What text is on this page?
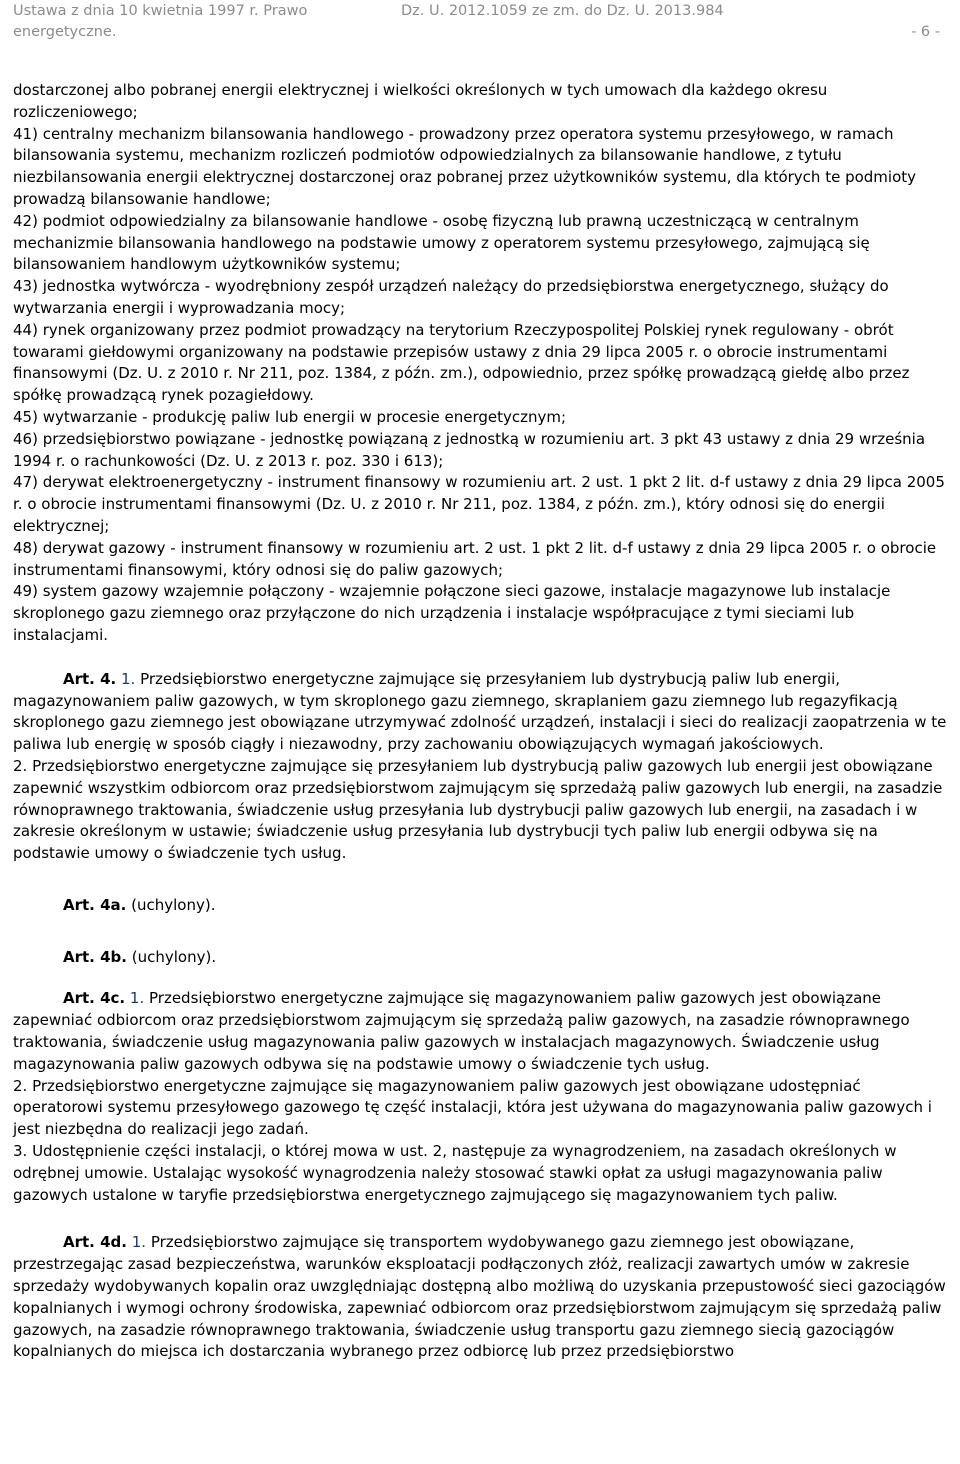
Ustawa z dnia 10 kwietnia 1997 r. Prawo	Dz. U. 2012.1059 ze zm. do Dz. U. 2013.984
energetyczne.	- 6 -

dostarczonej albo pobranej energii elektrycznej i wielkości określonych w tych umowach dla każdego okresu rozliczeniowego;

41) centralny mechanizm bilansowania handlowego - prowadzony przez operatora systemu przesyłowego, w ramach bilansowania systemu, mechanizm rozliczeń podmiotów odpowiedzialnych za bilansowanie handlowe, z tytułu niezbilansowania energii elektrycznej dostarczonej oraz pobranej przez użytkowników systemu, dla których te podmioty prowadzą bilansowanie handlowe;

42) podmiot odpowiedzialny za bilansowanie handlowe - osobę fizyczną lub prawną uczestniczącą w centralnym mechanizmie bilansowania handlowego na podstawie umowy z operatorem systemu przesyłowego, zajmującą się bilansowaniem handlowym użytkowników systemu;

43) jednostka wytwórcza - wyodrębniony zespół urządzeń należący do przedsiębiorstwa energetycznego, służący do wytwarzania energii i wyprowadzania mocy;

44) rynek organizowany przez podmiot prowadzący na terytorium Rzeczypospolitej Polskiej rynek regulowany - obrót towarami giełdowymi organizowany na podstawie przepisów ustawy z dnia 29 lipca 2005 r. o obrocie instrumentami finansowymi (Dz. U. z 2010 r. Nr 211, poz. 1384, z późn. zm.), odpowiednio, przez spółkę prowadzącą giełdę albo przez spółkę prowadzącą rynek pozagiełdowy.

45) wytwarzanie - produkcję paliw lub energii w procesie energetycznym;

46) przedsiębiorstwo powiązane - jednostkę powiązaną z jednostką w rozumieniu art. 3 pkt 43 ustawy z dnia 29 września 1994 r. o rachunkowości (Dz. U. z 2013 r. poz. 330 i 613);

47) derywat elektroenergetyczny - instrument finansowy w rozumieniu art. 2 ust. 1 pkt 2 lit. d-f ustawy z dnia 29 lipca 2005 r. o obrocie instrumentami finansowymi (Dz. U. z 2010 r. Nr 211, poz. 1384, z późn. zm.), który odnosi się do energii elektrycznej;

48) derywat gazowy - instrument finansowy w rozumieniu art. 2 ust. 1 pkt 2 lit. d-f ustawy z dnia 29 lipca 2005 r. o obrocie instrumentami finansowymi, który odnosi się do paliw gazowych;

49) system gazowy wzajemnie połączony - wzajemnie połączone sieci gazowe, instalacje magazynowe lub instalacje skroplonego gazu ziemnego oraz przyłączone do nich urządzenia i instalacje współpracujące z tymi sieciami lub instalacjami.

Art. 4. 1. Przedsiębiorstwo energetyczne zajmujące się przesyłaniem lub dystrybucją paliw lub energii, magazynowaniem paliw gazowych, w tym skroplonego gazu ziemnego, skraplaniem gazu ziemnego lub regazyfikacją skroplonego gazu ziemnego jest obowiązane utrzymywać zdolność urządzeń, instalacji i sieci do realizacji zaopatrzenia w te paliwa lub energię w sposób ciągły i niezawodny, przy zachowaniu obowiązujących wymagań jakościowych.

2. Przedsiębiorstwo energetyczne zajmujące się przesyłaniem lub dystrybucją paliw gazowych lub energii jest obowiązane zapewnić wszystkim odbiorcom oraz przedsiębiorstwom zajmującym się sprzedażą paliw gazowych lub energii, na zasadzie równoprawnego traktowania, świadczenie usług przesyłania lub dystrybucji paliw gazowych lub energii, na zasadach i w zakresie określonym w ustawie; świadczenie usług przesyłania lub dystrybucji tych paliw lub energii odbywa się na podstawie umowy o świadczenie tych usług.

Art. 4a. (uchylony).

Art. 4b. (uchylony).

Art. 4c. 1. Przedsiębiorstwo energetyczne zajmujące się magazynowaniem paliw gazowych jest obowiązane zapewniać odbiorcom oraz przedsiębiorstwom zajmującym się sprzedażą paliw gazowych, na zasadzie równoprawnego traktowania, świadczenie usług magazynowania paliw gazowych w instalacjach magazynowych. Świadczenie usług magazynowania paliw gazowych odbywa się na podstawie umowy o świadczenie tych usług.

2. Przedsiębiorstwo energetyczne zajmujące się magazynowaniem paliw gazowych jest obowiązane udostępniać operatorowi systemu przesyłowego gazowego tę część instalacji, która jest używana do magazynowania paliw gazowych i jest niezbędna do realizacji jego zadań.

3. Udostępnienie części instalacji, o której mowa w ust. 2, następuje za wynagrodzeniem, na zasadach określonych w odrębnej umowie. Ustalając wysokość wynagrodzenia należy stosować stawki opłat za usługi magazynowania paliw gazowych ustalone w taryfie przedsiębiorstwa energetycznego zajmującego się magazynowaniem tych paliw.

Art. 4d. 1. Przedsiębiorstwo zajmujące się transportem wydobywanego gazu ziemnego jest obowiązane, przestrzegając zasad bezpieczeństwa, warunków eksploatacji podłączonych złóż, realizacji zawartych umów w zakresie sprzedaży wydobywanych kopalin oraz uwzględniając dostępną albo możliwą do uzyskania przepustowość sieci gazociągów kopalnianych i wymogi ochrony środowiska, zapewniać odbiorcom oraz przedsiębiorstwom zajmującym się sprzedażą paliw gazowych, na zasadzie równoprawnego traktowania, świadczenie usług transportu gazu ziemnego siecią gazociągów kopalnianych do miejsca ich dostarczania wybranego przez odbiorcę lub przez przedsiębiorstwo
